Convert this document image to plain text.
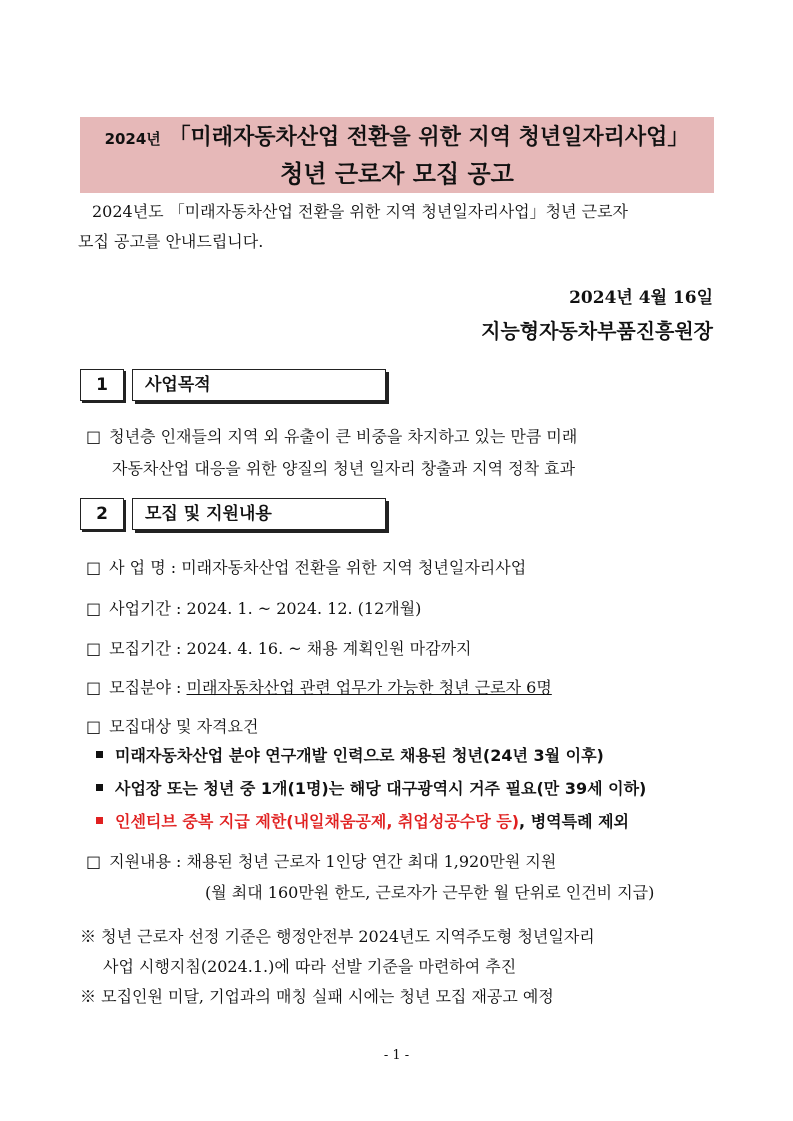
2024년 「미래자동차산업 전환을 위한 지역 청년일자리사업」
청년 근로자 모집 공고
2024년도 「미래자동차산업 전환을 위한 지역 청년일자리사업」청년 근로자
모집 공고를 안내드립니다.
2024년 4월 16일
지능형자동차부품진흥원장
1	사업목적
□ 청년층 인재들의 지역 외 유출이 큰 비중을 차지하고 있는 만큼 미래
자동차산업 대응을 위한 양질의 청년 일자리 창출과 지역 정착 효과
2	모집 및 지원내용
□ 사 업 명 : 미래자동차산업 전환을 위한 지역 청년일자리사업
□ 사업기간 : 2024. 1. ~ 2024. 12. (12개월)
□ 모집기간 : 2024. 4. 16. ~ 채용 계획인원 마감까지
□ 모집분야 : 미래자동차산업 관련 업무가 가능한 청년 근로자 6명
□ 모집대상 및 자격요건
미래자동차산업 분야 연구개발 인력으로 채용된 청년(24년 3월 이후)
사업장 또는 청년 중 1개(1명)는 해당 대구광역시 거주 필요(만 39세 이하)
인센티브 중복 지급 제한(내일채움공제, 취업성공수당 등), 병역특례 제외
□ 지원내용 : 채용된 청년 근로자 1인당 연간 최대 1,920만원 지원
(월 최대 160만원 한도, 근로자가 근무한 월 단위로 인건비 지급)
※ 청년 근로자 선정 기준은 행정안전부 2024년도 지역주도형 청년일자리
사업 시행지침(2024.1.)에 따라 선발 기준을 마련하여 추진
※ 모집인원 미달, 기업과의 매칭 실패 시에는 청년 모집 재공고 예정
- 1 -
